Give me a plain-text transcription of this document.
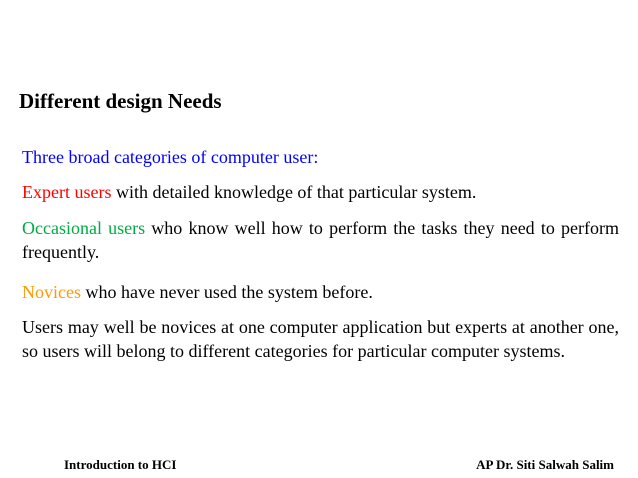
Different design Needs
Three broad categories of computer user:
Expert users with detailed knowledge of that particular system.
Occasional users who know well how to perform the tasks they need to perform frequently.
Novices who have never used the system before.
Users may well be novices at one computer application but experts at another one, so users will belong to different categories for particular computer systems.
Introduction to HCI	AP Dr. Siti Salwah Salim
